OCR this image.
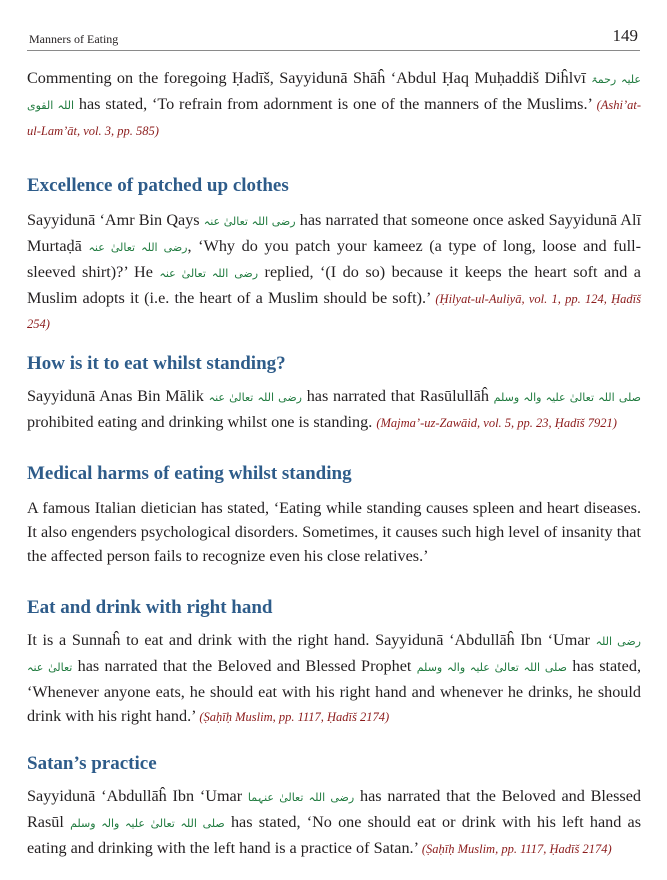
Manners of Eating	149

Commenting on the foregoing Ḥadīš, Sayyidunā Shāĥ ‘Abdul Ḥaq Muḥaddiš Diĥlvī علیہ رحمۃ اللہ القوی has stated, ‘To refrain from adornment is one of the manners of the Muslims.’ (Ashi’at-ul-Lam’āt, vol. 3, pp. 585)

Excellence of patched up clothes

Sayyidunā ‘Amr Bin Qays رضی اللہ تعالیٰ عنہ has narrated that someone once asked Sayyidunā Alī Murtaḍā رضی اللہ تعالیٰ عنہ, ‘Why do you patch your kameez (a type of long, loose and full-sleeved shirt)?’ He رضی اللہ تعالیٰ عنہ replied, ‘(I do so) because it keeps the heart soft and a Muslim adopts it (i.e. the heart of a Muslim should be soft).’ (Ḥilyat-ul-Auliyā, vol. 1, pp. 124, Ḥadīš 254)

How is it to eat whilst standing?

Sayyidunā Anas Bin Mālik رضی اللہ تعالیٰ عنہ has narrated that Rasūlullāĥ صلی اللہ تعالیٰ علیہ والہ وسلم prohibited eating and drinking whilst one is standing. (Majma’-uz-Zawāid, vol. 5, pp. 23, Ḥadīš 7921)

Medical harms of eating whilst standing

A famous Italian dietician has stated, ‘Eating while standing causes spleen and heart diseases. It also engenders psychological disorders. Sometimes, it causes such high level of insanity that the affected person fails to recognize even his close relatives.’

Eat and drink with right hand

It is a Sunnaĥ to eat and drink with the right hand. Sayyidunā ‘Abdullāĥ Ibn ‘Umar رضی اللہ تعالیٰ عنہ has narrated that the Beloved and Blessed Prophet صلی اللہ تعالیٰ علیہ والہ وسلم has stated, ‘Whenever anyone eats, he should eat with his right hand and whenever he drinks, he should drink with his right hand.’ (Ṣaḥīḥ Muslim, pp. 1117, Ḥadīš 2174)

Satan’s practice

Sayyidunā ‘Abdullāĥ Ibn ‘Umar رضی اللہ تعالیٰ عنہما has narrated that the Beloved and Blessed Rasūl صلی اللہ تعالیٰ علیہ والہ وسلم has stated, ‘No one should eat or drink with his left hand as eating and drinking with the left hand is a practice of Satan.’ (Ṣaḥīḥ Muslim, pp. 1117, Ḥadīš 2174)
